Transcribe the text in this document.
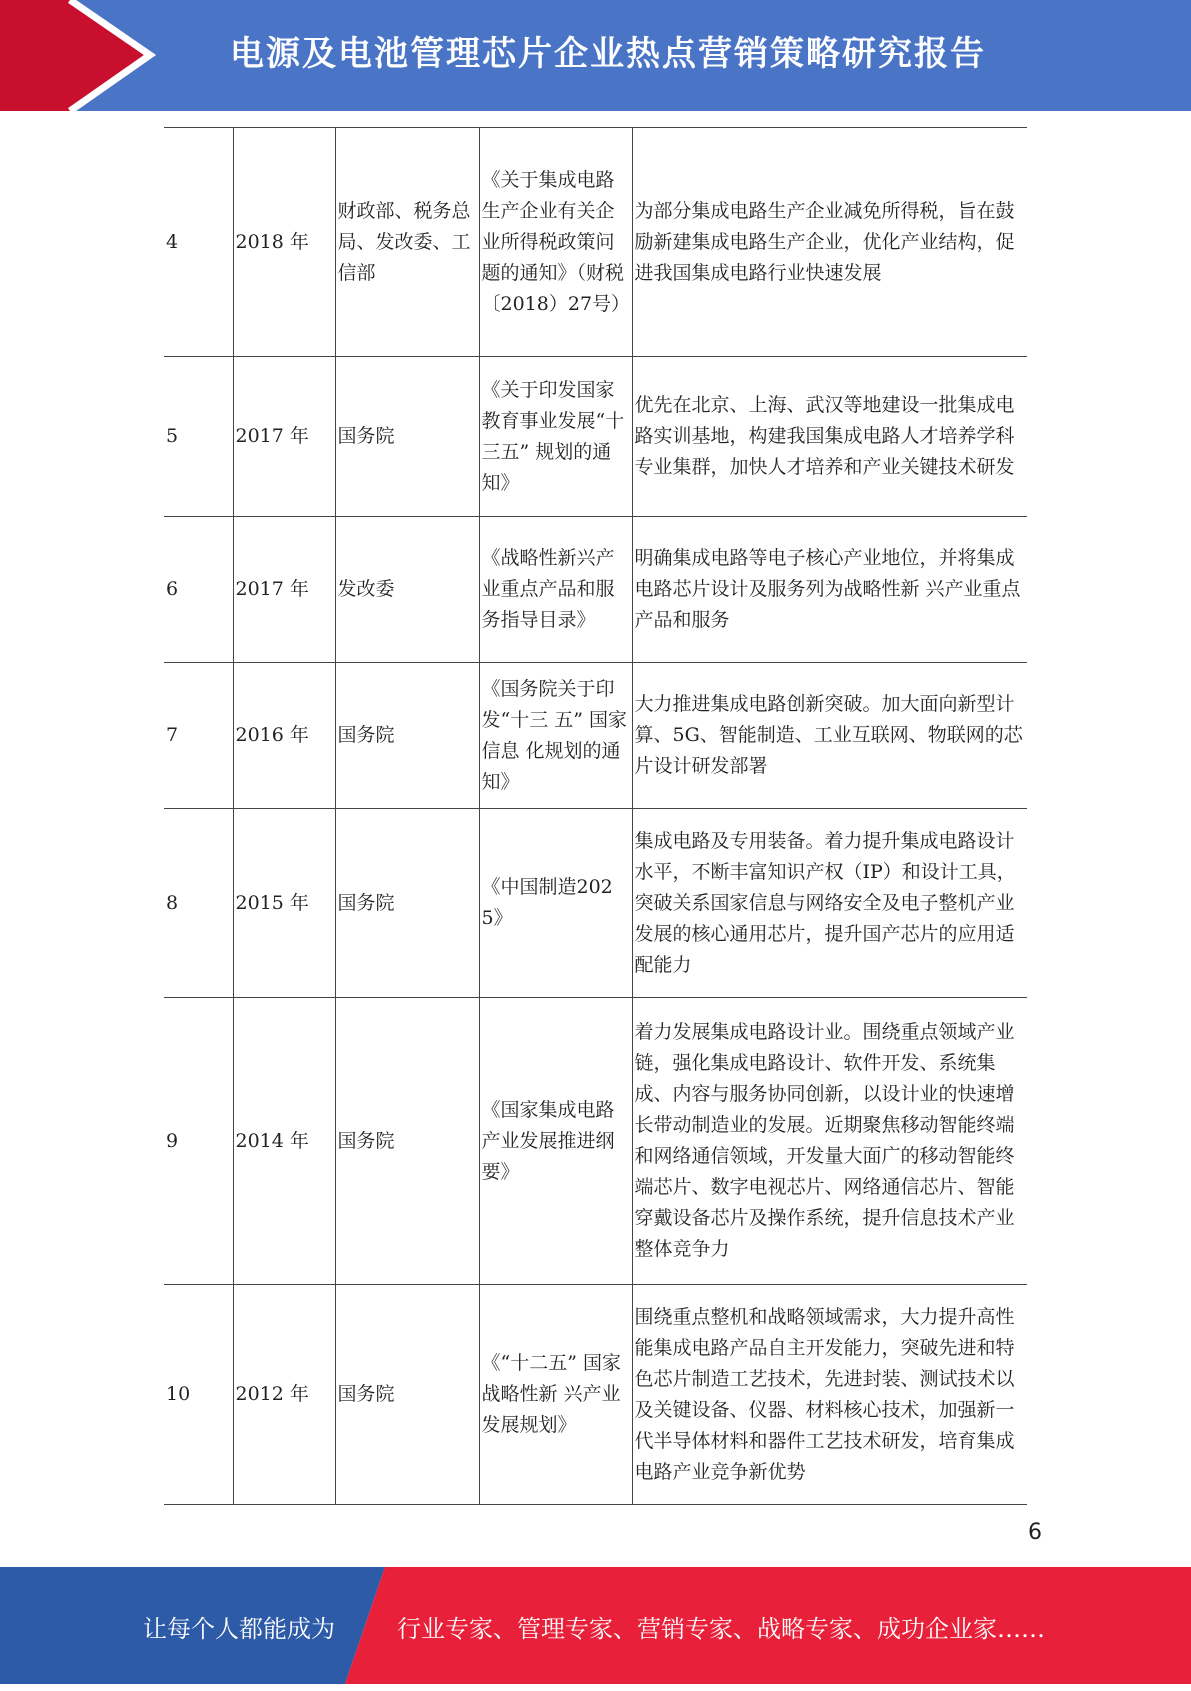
电源及电池管理芯片企业热点营销策略研究报告
4	2018 年	财政部、税务总局、发改委、工信部	《关于集成电路生产企业有关企业所得税政策问题的通知》（财税〔2018）27号）	为部分集成电路生产企业减免所得税，旨在鼓励新建集成电路生产企业，优化产业结构，促进我国集成电路行业快速发展
5	2017 年	国务院	《关于印发国家教育事业发展“十三五” 规划的通知》	优先在北京、上海、武汉等地建设一批集成电路实训基地，构建我国集成电路人才培养学科专业集群，加快人才培养和产业关键技术研发
6	2017 年	发改委	《战略性新兴产业重点产品和服务指导目录》	明确集成电路等电子核心产业地位，并将集成电路芯片设计及服务列为战略性新 兴产业重点产品和服务
7	2016 年	国务院	《国务院关于印发“十三 五” 国家信息 化规划的通 知》	大力推进集成电路创新突破。加大面向新型计算、5G、智能制造、工业互联网、物联网的芯片设计研发部署
8	2015 年	国务院	《中国制造2025》	集成电路及专用装备。着力提升集成电路设计水平，不断丰富知识产权（IP）和设计工具，突破关系国家信息与网络安全及电子整机产业发展的核心通用芯片，提升国产芯片的应用适配能力
9	2014 年	国务院	《国家集成电路产业发展推进纲要》	着力发展集成电路设计业。围绕重点领域产业链，强化集成电路设计、软件开发、系统集成、内容与服务协同创新，以设计业的快速增长带动制造业的发展。近期聚焦移动智能终端和网络通信领域，开发量大面广的移动智能终端芯片、数字电视芯片、网络通信芯片、智能穿戴设备芯片及操作系统，提升信息技术产业整体竞争力
10	2012 年	国务院	《“十二五” 国家战略性新 兴产业发展规划》	围绕重点整机和战略领域需求，大力提升高性能集成电路产品自主开发能力，突破先进和特色芯片制造工艺技术，先进封装、测试技术以及关键设备、仪器、材料核心技术，加强新一代半导体材料和器件工艺技术研发，培育集成电路产业竞争新优势
6
让每个人都能成为	行业专家、管理专家、营销专家、战略专家、成功企业家……
